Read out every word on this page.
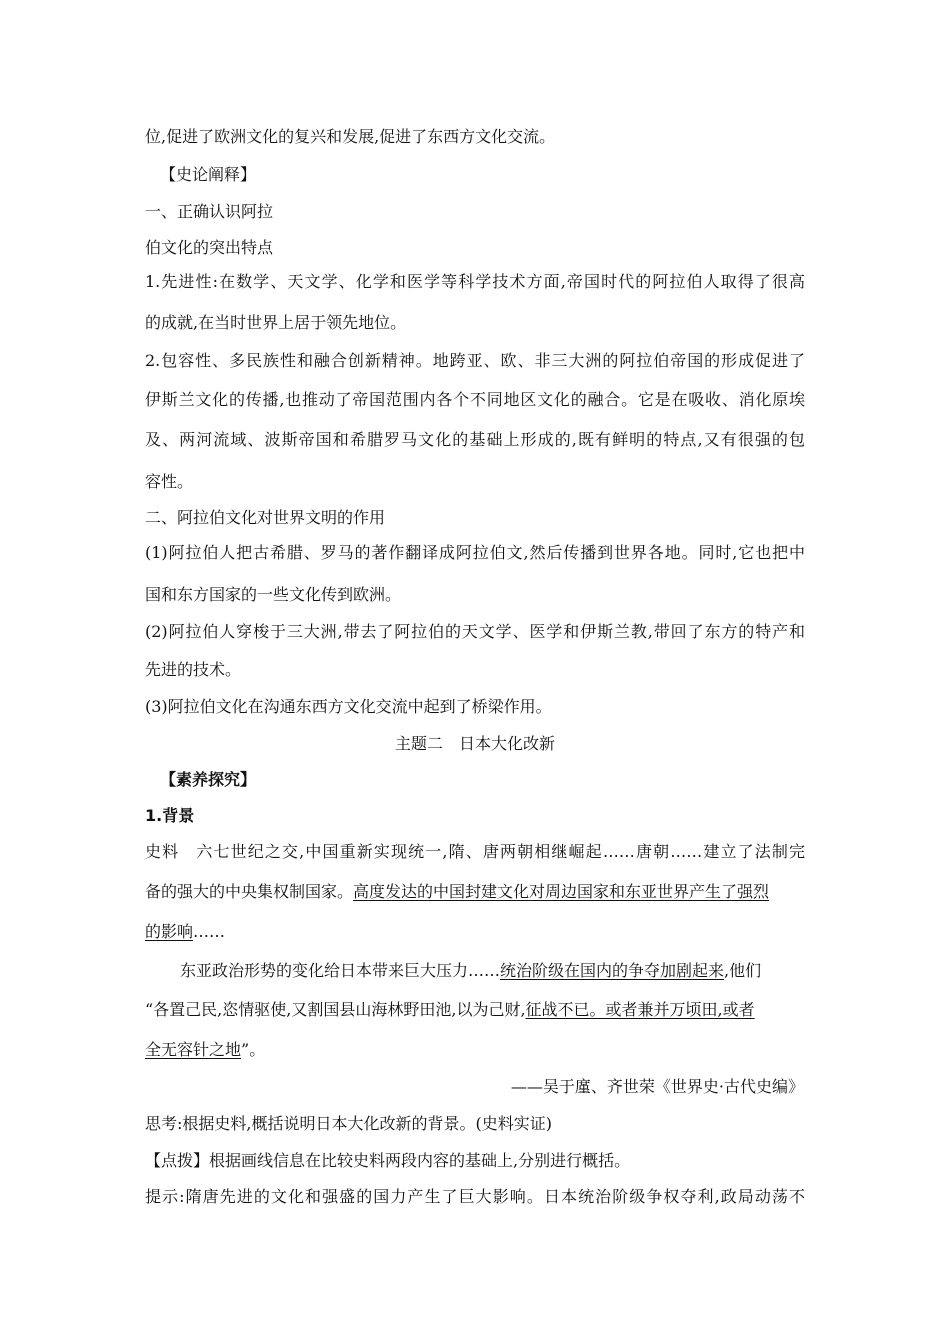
位,促进了欧洲文化的复兴和发展,促进了东西方文化交流。
【史论阐释】
一、正确认识阿拉
伯文化的突出特点
1.先进性:在数学、天文学、化学和医学等科学技术方面,帝国时代的阿拉伯人取得了很高
的成就,在当时世界上居于领先地位。
2.包容性、多民族性和融合创新精神。地跨亚、欧、非三大洲的阿拉伯帝国的形成促进了
伊斯兰文化的传播,也推动了帝国范围内各个不同地区文化的融合。它是在吸收、消化原埃
及、两河流域、波斯帝国和希腊罗马文化的基础上形成的,既有鲜明的特点,又有很强的包
容性。
二、阿拉伯文化对世界文明的作用
(1)阿拉伯人把古希腊、罗马的著作翻译成阿拉伯文,然后传播到世界各地。同时,它也把中
国和东方国家的一些文化传到欧洲。
(2)阿拉伯人穿梭于三大洲,带去了阿拉伯的天文学、医学和伊斯兰教,带回了东方的特产和
先进的技术。
(3)阿拉伯文化在沟通东西方文化交流中起到了桥梁作用。
主题二　日本大化改新
【素养探究】
1.背景
史料　六七世纪之交,中国重新实现统一,隋、唐两朝相继崛起……唐朝……建立了法制完
备的强大的中央集权制国家。高度发达的中国封建文化对周边国家和东亚世界产生了强烈
的影响……
东亚政治形势的变化给日本带来巨大压力……统治阶级在国内的争夺加剧起来,他们
“各置己民,恣情驱使,又割国县山海林野田池,以为己财,征战不已。或者兼并万顷田,或者
全无容针之地”。
——吴于廑、齐世荣《世界史·古代史编》
思考:根据史料,概括说明日本大化改新的背景。(史料实证)
【点拨】根据画线信息在比较史料两段内容的基础上,分别进行概括。
提示:隋唐先进的文化和强盛的国力产生了巨大影响。日本统治阶级争权夺利,政局动荡不
